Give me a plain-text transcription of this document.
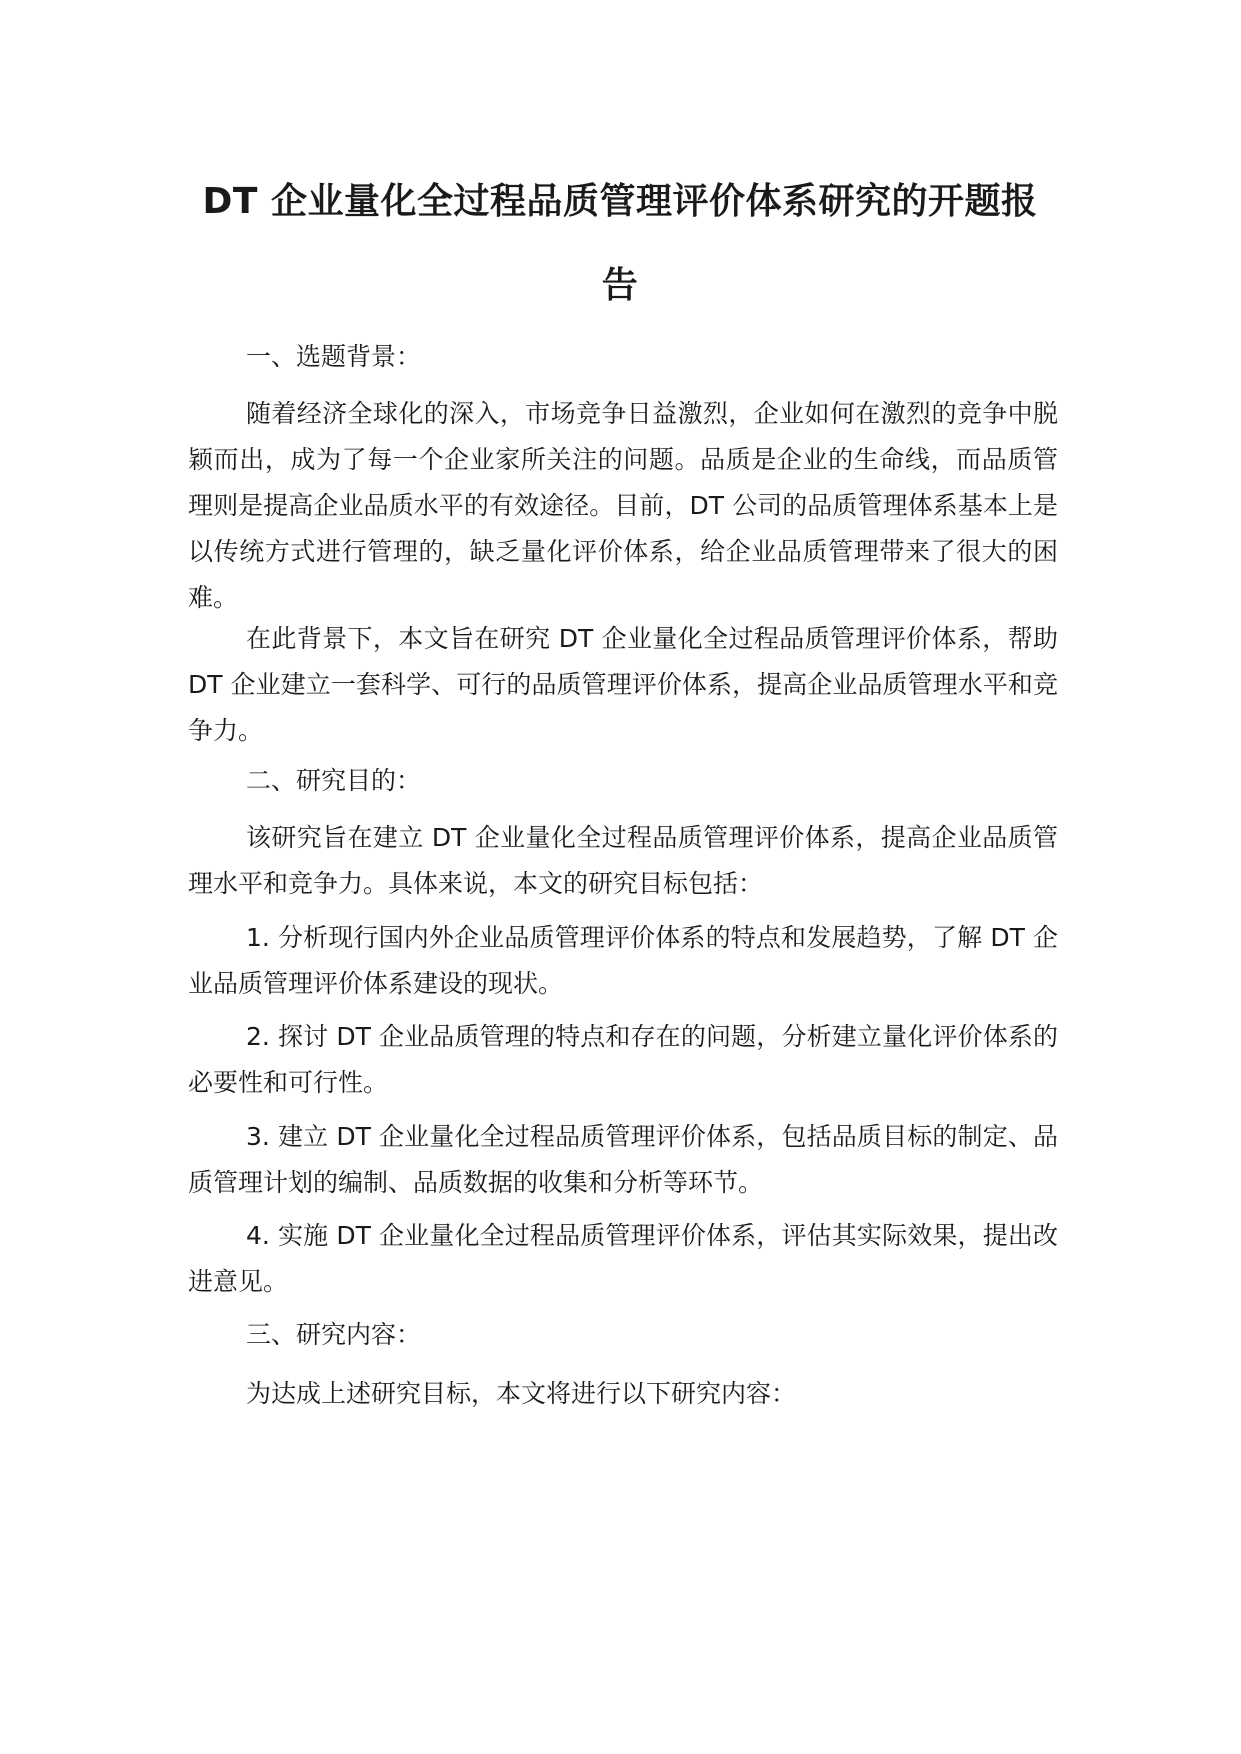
DT 企业量化全过程品质管理评价体系研究的开题报
告

一、选题背景：

随着经济全球化的深入，市场竞争日益激烈，企业如何在激烈的竞争中脱颖而出，成为了每一个企业家所关注的问题。品质是企业的生命线，而品质管理则是提高企业品质水平的有效途径。目前，DT 公司的品质管理体系基本上是以传统方式进行管理的，缺乏量化评价体系，给企业品质管理带来了很大的困难。

在此背景下，本文旨在研究 DT 企业量化全过程品质管理评价体系，帮助 DT 企业建立一套科学、可行的品质管理评价体系，提高企业品质管理水平和竞争力。

二、研究目的：

该研究旨在建立 DT 企业量化全过程品质管理评价体系，提高企业品质管理水平和竞争力。具体来说，本文的研究目标包括：

1. 分析现行国内外企业品质管理评价体系的特点和发展趋势，了解 DT 企业品质管理评价体系建设的现状。

2. 探讨 DT 企业品质管理的特点和存在的问题，分析建立量化评价体系的必要性和可行性。

3. 建立 DT 企业量化全过程品质管理评价体系，包括品质目标的制定、品质管理计划的编制、品质数据的收集和分析等环节。

4. 实施 DT 企业量化全过程品质管理评价体系，评估其实际效果，提出改进意见。

三、研究内容：

为达成上述研究目标，本文将进行以下研究内容：
